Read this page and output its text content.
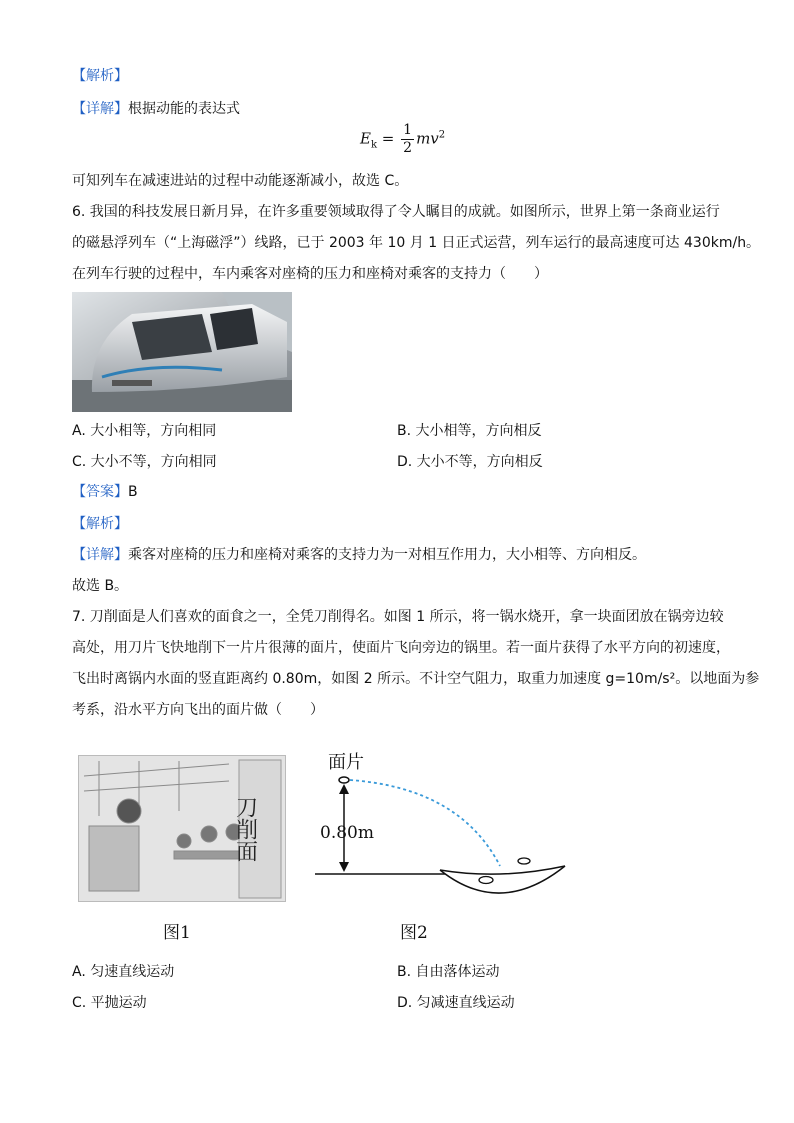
【解析】
【详解】根据动能的表达式
$E_k = \frac{1}{2} mv^2$
可知列车在减速进站的过程中动能逐渐减小，故选 C。
6. 我国的科技发展日新月异，在许多重要领域取得了令人瞩目的成就。如图所示，世界上第一条商业运行
的磁悬浮列车（“上海磁浮”）线路，已于 2003 年 10 月 1 日正式运营，列车运行的最高速度可达 430km/h。
在列车行驶的过程中，车内乘客对座椅的压力和座椅对乘客的支持力（　　）
A. 大小相等，方向相同	B. 大小相等，方向相反
C. 大小不等，方向相同	D. 大小不等，方向相反
【答案】B
【解析】
【详解】乘客对座椅的压力和座椅对乘客的支持力为一对相互作用力，大小相等、方向相反。
故选 B。
7. 刀削面是人们喜欢的面食之一，全凭刀削得名。如图 1 所示，将一锅水烧开，拿一块面团放在锅旁边较
高处，用刀片飞快地削下一片片很薄的面片，使面片飞向旁边的锅里。若一面片获得了水平方向的初速度，
飞出时离锅内水面的竖直距离约 0.80m，如图 2 所示。不计空气阻力，取重力加速度 g=10m/s²。以地面为参
考系，沿水平方向飞出的面片做（　　）
刀削面
面片
0.80m
图1	图2
A. 匀速直线运动	B. 自由落体运动
C. 平抛运动	D. 匀减速直线运动
